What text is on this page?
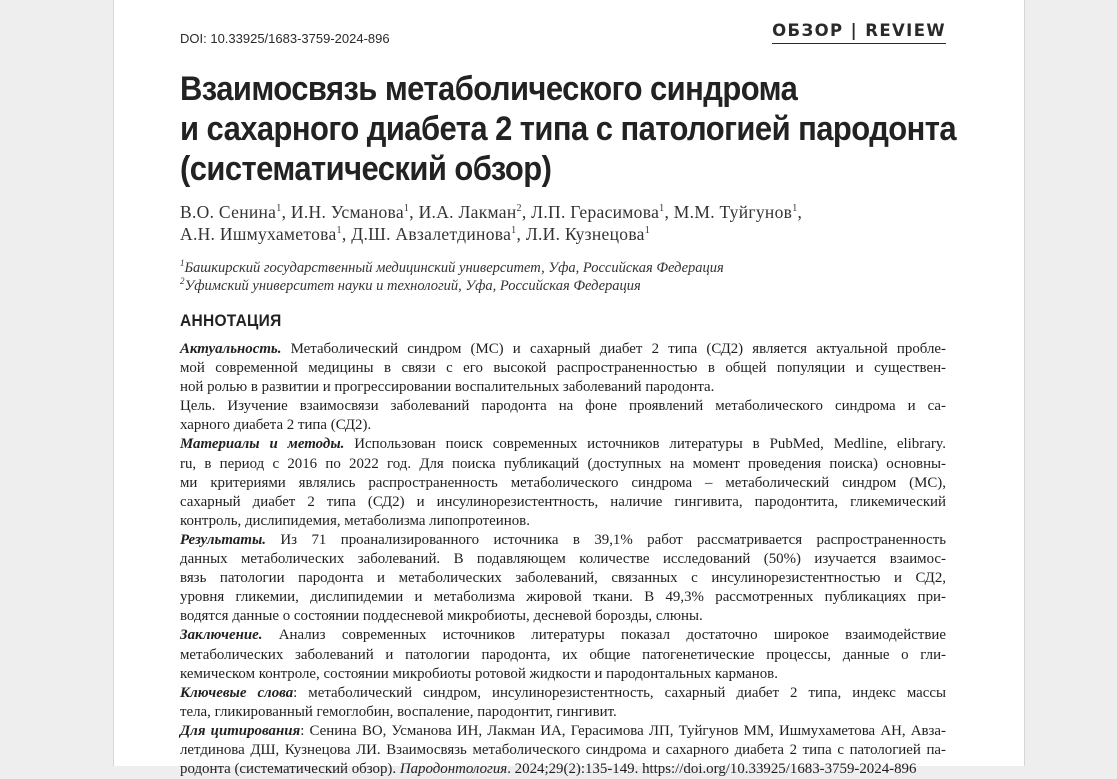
DOI: 10.33925/1683-3759-2024-896	ОБЗОР | REVIEW
Взаимосвязь метаболического синдрома
и сахарного диабета 2 типа с патологией пародонта
(систематический обзор)
В.О. Сенина$^1$, И.Н. Усманова$^1$, И.А. Лакман$^2$, Л.П. Герасимова$^1$, М.М. Туйгунов$^1$,
А.Н. Ишмухаметова$^1$, Д.Ш. Авзалетдинова$^1$, Л.И. Кузнецова$^1$
$^1$Башкирский государственный медицинский университет, Уфа, Российская Федерация
$^2$Уфимский университет науки и технологий, Уфа, Российская Федерация
АННОТАЦИЯ
Актуальность. Метаболический синдром (МС) и сахарный диабет 2 типа (СД2) является актуальной пробле-
мой современной медицины в связи с его высокой распространенностью в общей популяции и существен-
ной ролью в развитии и прогрессировании воспалительных заболеваний пародонта.
Цель. Изучение взаимосвязи заболеваний пародонта на фоне проявлений метаболического синдрома и са-
харного диабета 2 типа (СД2).
Материалы и методы. Использован поиск современных источников литературы в PubMed, Medline, elibrary.
ru, в период с 2016 по 2022 год. Для поиска публикаций (доступных на момент проведения поиска) основны-
ми критериями являлись распространенность метаболического синдрома – метаболический синдром (МС),
сахарный диабет 2 типа (СД2) и инсулинорезистентность, наличие гингивита, пародонтита, гликемический
контроль, дислипидемия, метаболизма липопротеинов.
Результаты. Из 71 проанализированного источника в 39,1% работ рассматривается распространенность
данных метаболических заболеваний. В подавляющем количестве исследований (50%) изучается взаимос-
вязь патологии пародонта и метаболических заболеваний, связанных с инсулинорезистентностью и СД2,
уровня гликемии, дислипидемии и метаболизма жировой ткани. В 49,3% рассмотренных публикациях при-
водятся данные о состоянии поддесневой микробиоты, десневой борозды, слюны.
Заключение. Анализ современных источников литературы показал достаточно широкое взаимодействие
метаболических заболеваний и патологии пародонта, их общие патогенетические процессы, данные о гли-
кемическом контроле, состоянии микробиоты ротовой жидкости и пародонтальных карманов.
Ключевые слова: метаболический синдром, инсулинорезистентность, сахарный диабет 2 типа, индекс массы
тела, гликированный гемоглобин, воспаление, пародонтит, гингивит.
Для цитирования: Сенина ВО, Усманова ИН, Лакман ИА, Герасимова ЛП, Туйгунов ММ, Ишмухаметова АН, Авза-
летдинова ДШ, Кузнецова ЛИ. Взаимосвязь метаболического синдрома и сахарного диабета 2 типа с патологией па-
родонта (систематический обзор). Пародонтология. 2024;29(2):135-149. https://doi.org/10.33925/1683-3759-2024-896
